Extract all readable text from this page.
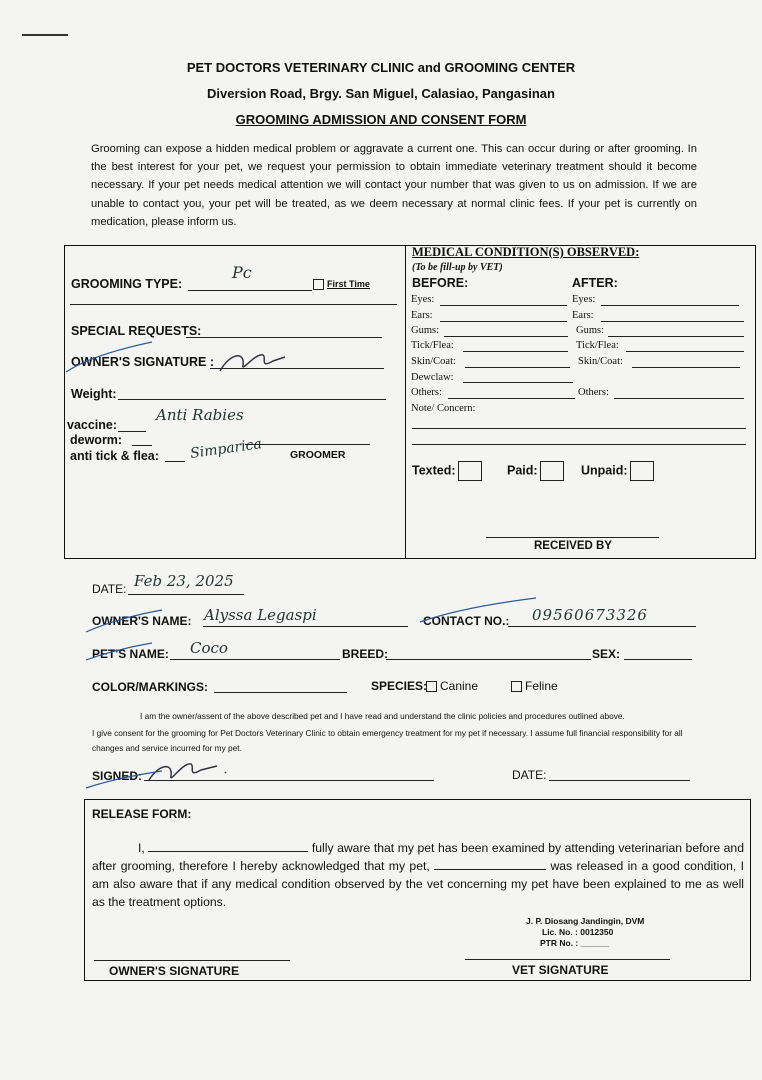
PET DOCTORS VETERINARY CLINIC and GROOMING CENTER
Diversion Road, Brgy. San Miguel, Calasiao, Pangasinan
GROOMING ADMISSION AND CONSENT FORM
Grooming can expose a hidden medical problem or aggravate a current one. This can occur during or after grooming. In the best interest for your pet, we request your permission to obtain immediate veterinary treatment should it become necessary. If your pet needs medical attention we will contact your number that was given to us on admission. If we are unable to contact you, your pet will be treated, as we deem necessary at normal clinic fees. If your pet is currently on medication, please inform us.
GROOMING TYPE:
Pc
First Time
SPECIAL REQUESTS:
OWNER'S SIGNATURE :
Weight:
vaccine:
Anti Rabies
deworm:
anti tick & flea: Simparica	GROOMER
MEDICAL CONDITION(S) OBSERVED:
(To be fill-up by VET)
BEFORE:	AFTER:
Eyes:	Eyes:
Ears:	Ears:
Gums:	Gums:
Tick/Flea:	Tick/Flea:
Skin/Coat:	Skin/Coat:
Dewclaw:
Others:	Others:
Note/ Concern:
Texted:	Paid:	Unpaid:
RECEIVED BY
DATE: Feb 23, 2025
OWNER'S NAME: Alyssa Legaspi	CONTACT NO.: 09560673326
PET'S NAME: Coco	BREED:	SEX:
COLOR/MARKINGS:	SPECIES:	Canine	Feline
I am the owner/assent of the above described pet and I have read and understand the clinic policies and procedures outlined above.
I give consent for the grooming for Pet Doctors Veterinary Clinic to obtain emergency treatment for my pet if necessary. I assume full financial responsibility for all changes and service incurred for my pet.
SIGNED:	DATE:
RELEASE FORM:
I,	fully aware that my pet has been examined by attending veterinarian before and after grooming, therefore I hereby acknowledged that my pet,	was released in a good condition, I am also aware that if any medical condition observed by the vet concerning my pet have been explained to me as well as the treatment options.
J. P. Diosang Jandingin, DVM
Lic. No. : 0012350
PTR No. : ______
OWNER'S SIGNATURE	VET SIGNATURE
